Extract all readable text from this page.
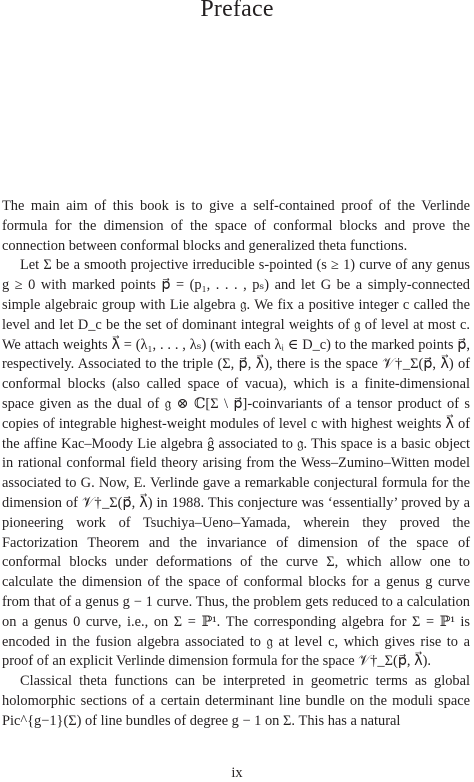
Preface

The main aim of this book is to give a self-contained proof of the Verlinde formula for the dimension of the space of conformal blocks and prove the connection between conformal blocks and generalized theta functions.

Let Σ be a smooth projective irreducible s-pointed (s ≥ 1) curve of any genus g ≥ 0 with marked points p⃗ = (p₁, . . . , pₛ) and let G be a simply-connected simple algebraic group with Lie algebra 𝔤. We fix a positive integer c called the level and let D_c be the set of dominant integral weights of 𝔤 of level at most c. We attach weights λ⃗ = (λ₁, . . . , λₛ) (with each λᵢ ∈ D_c) to the marked points p⃗, respectively. Associated to the triple (Σ, p⃗, λ⃗), there is the space 𝒱†_Σ(p⃗, λ⃗) of conformal blocks (also called space of vacua), which is a finite-dimensional space given as the dual of 𝔤 ⊗ ℂ[Σ \ p⃗]-coinvariants of a tensor product of s copies of integrable highest-weight modules of level c with highest weights λ⃗ of the affine Kac–Moody Lie algebra ĝ associated to 𝔤. This space is a basic object in rational conformal field theory arising from the Wess–Zumino–Witten model associated to G. Now, E. Verlinde gave a remarkable conjectural formula for the dimension of 𝒱†_Σ(p⃗, λ⃗) in 1988. This conjecture was ‘essentially’ proved by a pioneering work of Tsuchiya–Ueno–Yamada, wherein they proved the Factorization Theorem and the invariance of dimension of the space of conformal blocks under deformations of the curve Σ, which allow one to calculate the dimension of the space of conformal blocks for a genus g curve from that of a genus g − 1 curve. Thus, the problem gets reduced to a calculation on a genus 0 curve, i.e., on Σ = ℙ¹. The corresponding algebra for Σ = ℙ¹ is encoded in the fusion algebra associated to 𝔤 at level c, which gives rise to a proof of an explicit Verlinde dimension formula for the space 𝒱†_Σ(p⃗, λ⃗).

Classical theta functions can be interpreted in geometric terms as global holomorphic sections of a certain determinant line bundle on the moduli space Pic^{g−1}(Σ) of line bundles of degree g − 1 on Σ. This has a natural

ix
